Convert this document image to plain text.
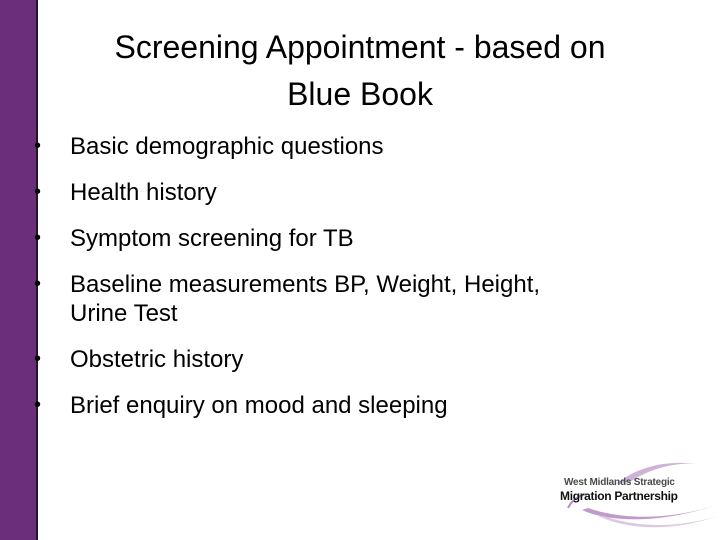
Screening Appointment - based on
Blue Book
• Basic demographic questions
• Health history
• Symptom screening for TB
• Baseline measurements BP, Weight, Height,
Urine Test
• Obstetric history
• Brief enquiry on mood and sleeping
West Midlands Strategic
Migration Partnership
